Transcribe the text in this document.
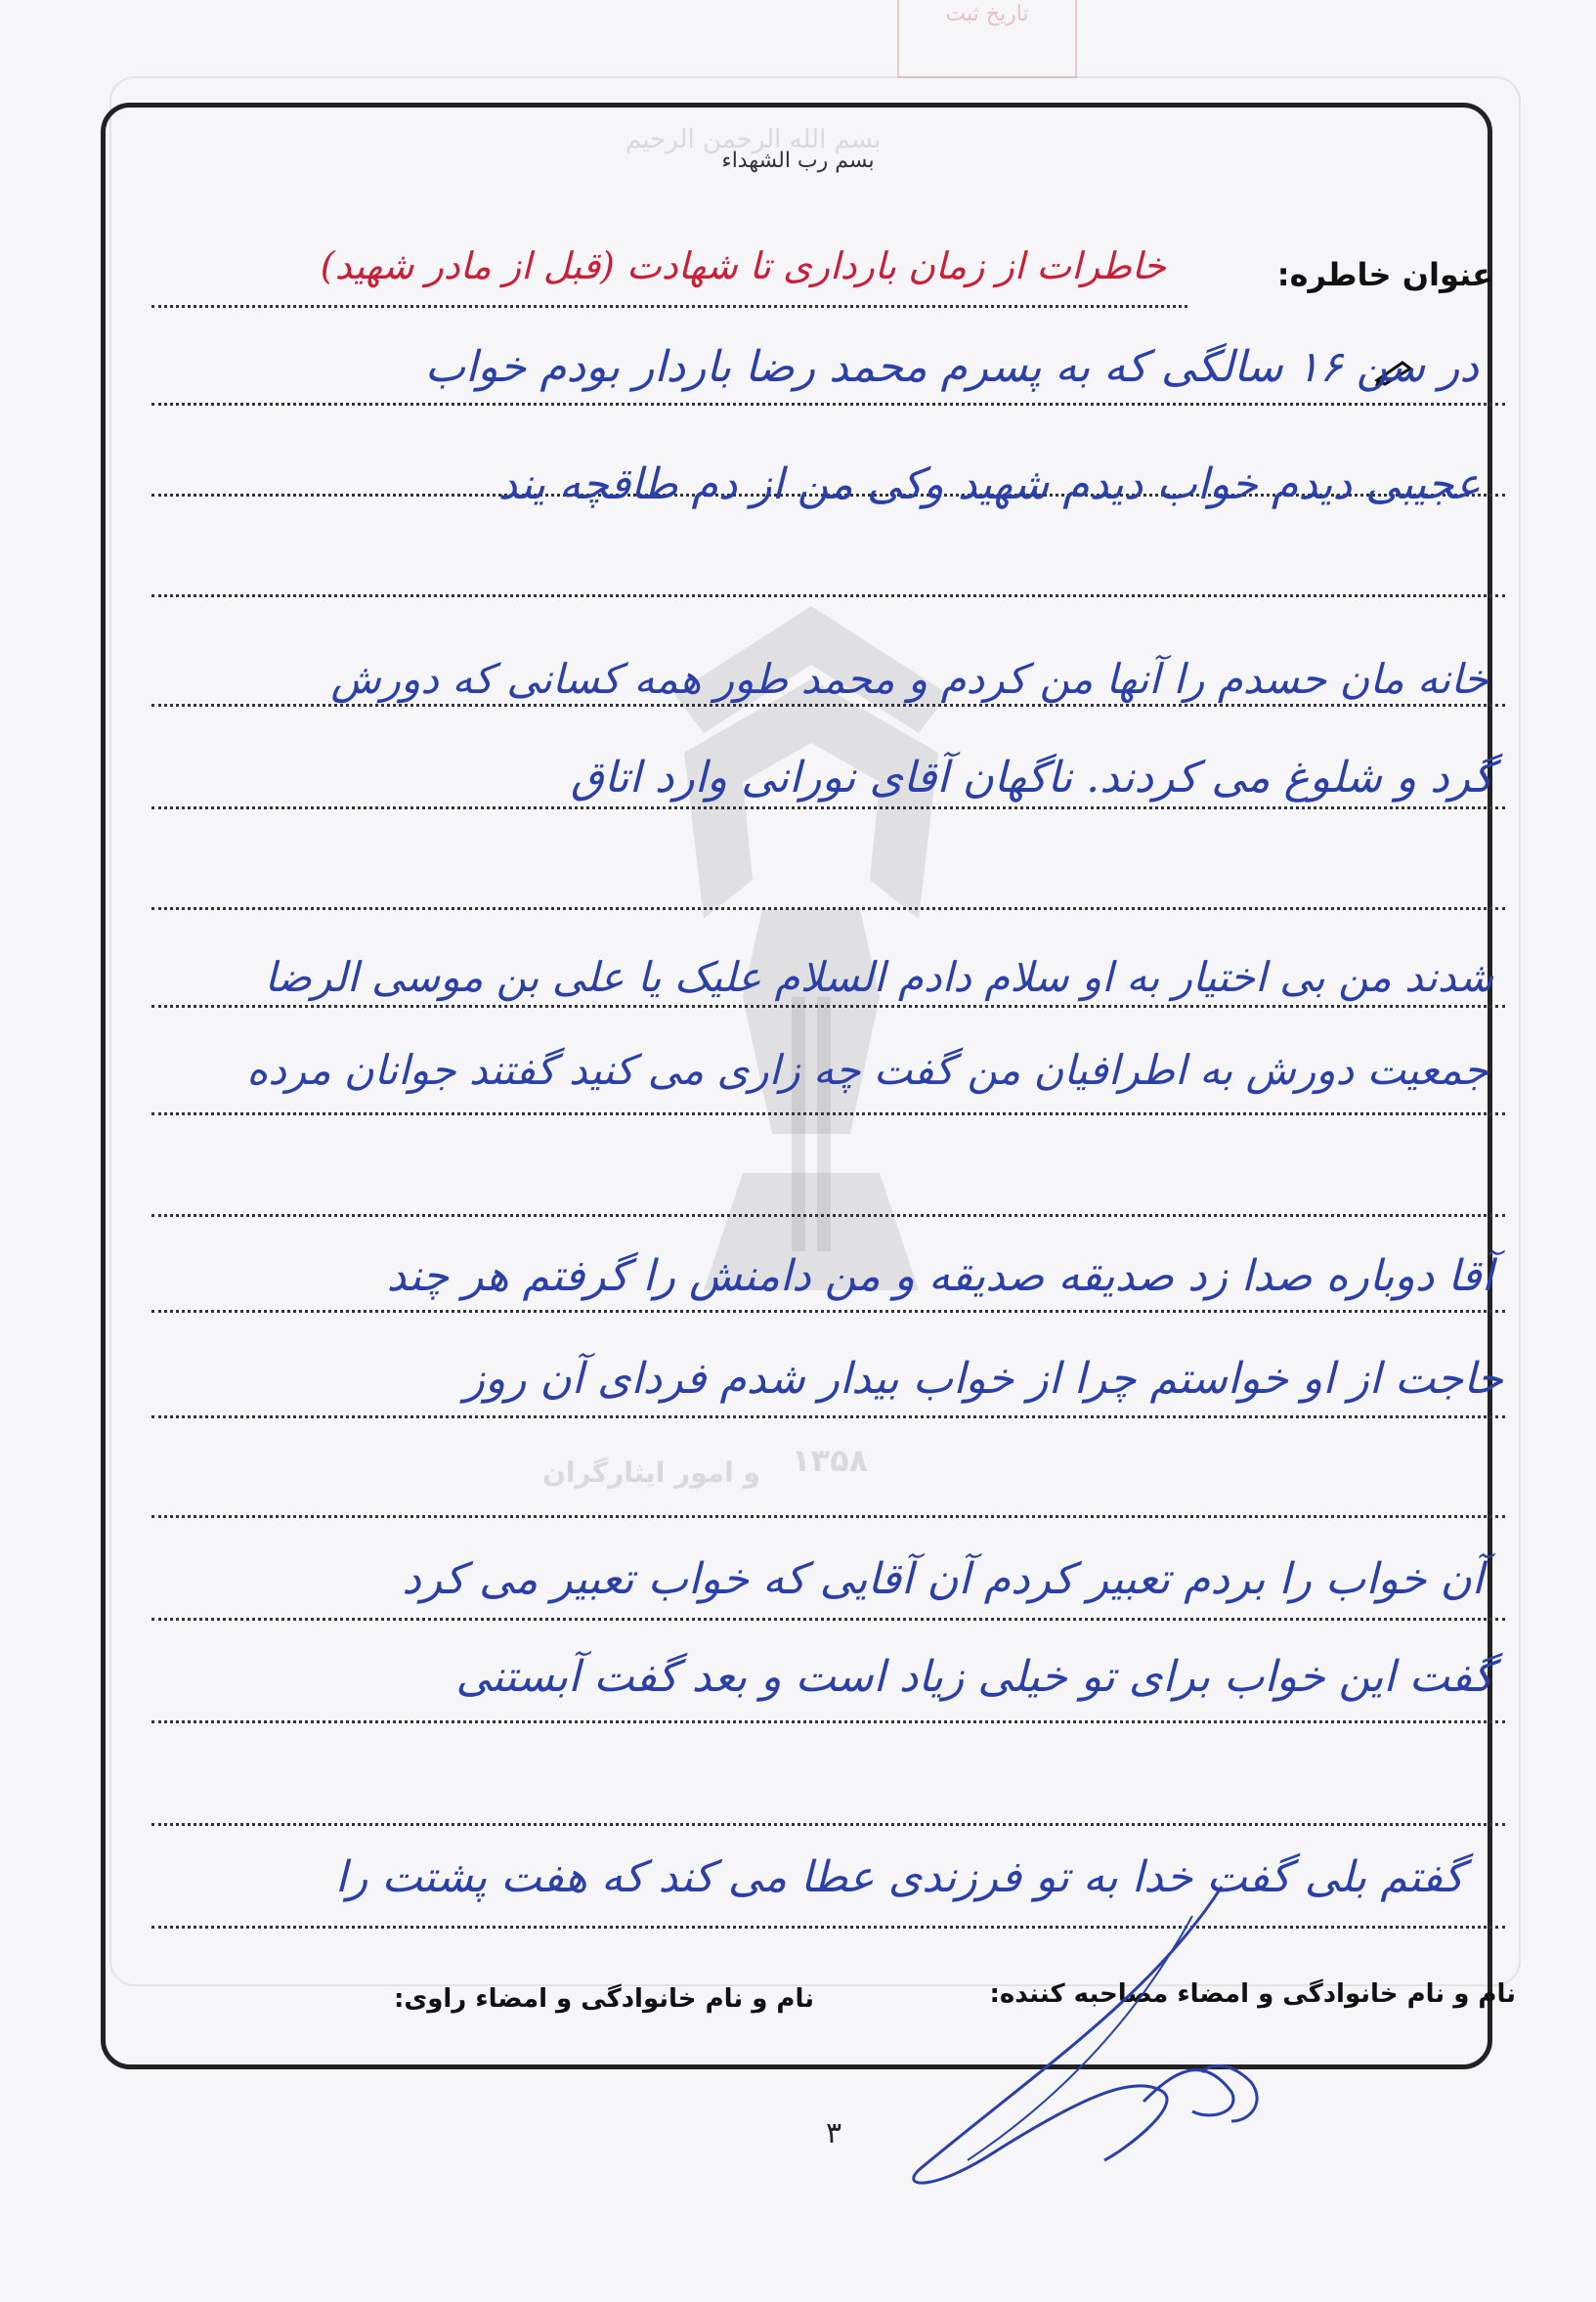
تاریخ ثبت
بسم الله الرحمن الرحیم
۱۳۵۸
و امور ایثارگران
بسم رب الشهداء
عنوان خاطره:
خاطرات از زمان بارداری تا شهادت (قبل از مادر شهید)
در سن ۱۶ سالگی که به پسرم محمد رضا باردار بودم خواب
عجیبی دیدم خواب دیدم شهید وکی من از دم طاقچه یند
خانه مان حسدم را آنها من کردم و محمد طور همه کسانی که دورش
گرد و شلوغ می کردند. ناگهان آقای نورانی وارد اتاق
شدند من بی اختیار به او سلام دادم السلام علیک یا علی بن موسی الرضا
جمعیت دورش به اطرافیان من گفت چه زاری می کنید گفتند جوانان مرده
آقا دوباره صدا زد صدیقه صدیقه و من دامنش را گرفتم هر چند
حاجت از او خواستم چرا از خواب بیدار شدم فردای آن روز
آن خواب را بردم تعبیر کردم آن آقایی که خواب تعبیر می کرد
گفت این خواب برای تو خیلی زیاد است و بعد گفت آبستنی
گفتم بلی گفت خدا به تو فرزندی عطا می کند که هفت پشتت را
نام و نام خانوادگی و امضاء مصاحبه کننده:
نام و نام خانوادگی و امضاء راوی:
۳
